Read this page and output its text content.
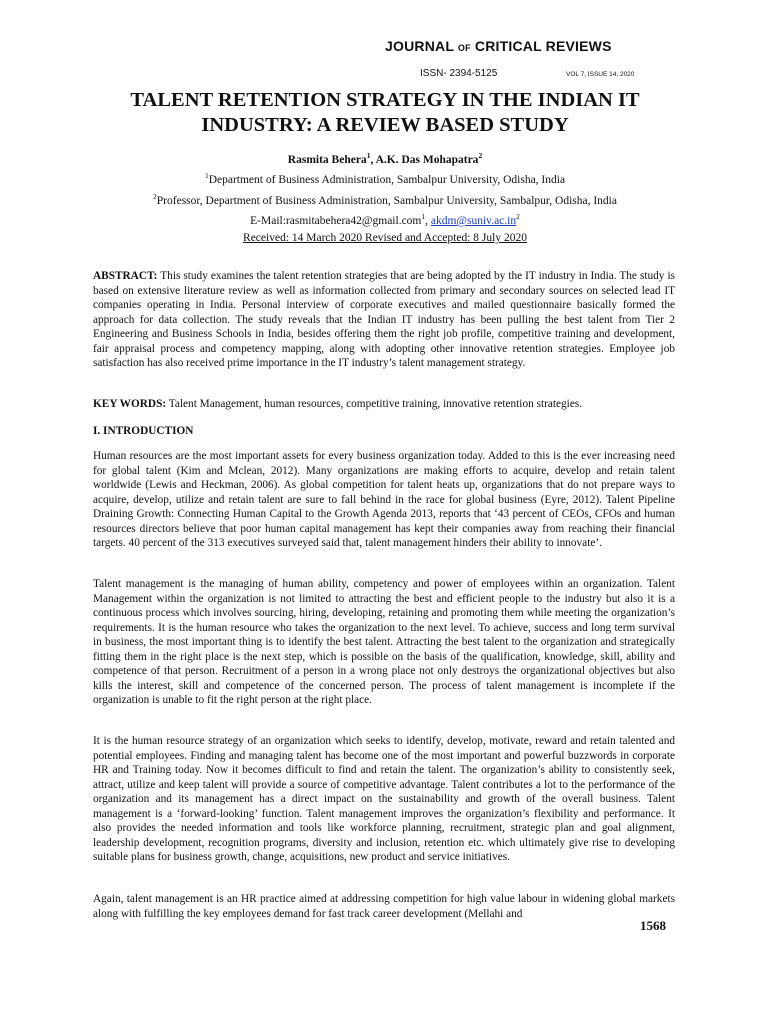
JOURNAL OF CRITICAL REVIEWS
ISSN- 2394-5125	VOL 7, ISSUE 14, 2020
TALENT RETENTION STRATEGY IN THE INDIAN IT INDUSTRY: A REVIEW BASED STUDY
Rasmita Behera$^1$, A.K. Das Mohapatra$^2$
$^1$Department of Business Administration, Sambalpur University, Odisha, India
$^2$Professor, Department of Business Administration, Sambalpur University, Sambalpur, Odisha, India
E-Mail:rasmitabehera42@gmail.com$^1$, $akdm@suniv.ac.in^2$
Received: 14 March 2020 Revised and Accepted: 8 July 2020
ABSTRACT: This study examines the talent retention strategies that are being adopted by the IT industry in India. The study is based on extensive literature review as well as information collected from primary and secondary sources on selected lead IT companies operating in India. Personal interview of corporate executives and mailed questionnaire basically formed the approach for data collection. The study reveals that the Indian IT industry has been pulling the best talent from Tier 2 Engineering and Business Schools in India, besides offering them the right job profile, competitive training and development, fair appraisal process and competency mapping, along with adopting other innovative retention strategies. Employee job satisfaction has also received prime importance in the IT industry’s talent management strategy.
KEY WORDS: Talent Management, human resources, competitive training, innovative retention strategies.
I. INTRODUCTION

Human resources are the most important assets for every business organization today. Added to this is the ever increasing need for global talent (Kim and Mclean, 2012). Many organizations are making efforts to acquire, develop and retain talent worldwide (Lewis and Heckman, 2006). As global competition for talent heats up, organizations that do not prepare ways to acquire, develop, utilize and retain talent are sure to fall behind in the race for global business (Eyre, 2012). Talent Pipeline Draining Growth: Connecting Human Capital to the Growth Agenda 2013, reports that ‘43 percent of CEOs, CFOs and human resources directors believe that poor human capital management has kept their companies away from reaching their financial targets. 40 percent of the 313 executives surveyed said that, talent management hinders their ability to innovate’.

Talent management is the managing of human ability, competency and power of employees within an organization. Talent Management within the organization is not limited to attracting the best and efficient people to the industry but also it is a continuous process which involves sourcing, hiring, developing, retaining and promoting them while meeting the organization’s requirements. It is the human resource who takes the organization to the next level. To achieve, success and long term survival in business, the most important thing is to identify the best talent. Attracting the best talent to the organization and strategically fitting them in the right place is the next step, which is possible on the basis of the qualification, knowledge, skill, ability and competence of that person. Recruitment of a person in a wrong place not only destroys the organizational objectives but also kills the interest, skill and competence of the concerned person. The process of talent management is incomplete if the organization is unable to fit the right person at the right place.

It is the human resource strategy of an organization which seeks to identify, develop, motivate, reward and retain talented and potential employees. Finding and managing talent has become one of the most important and powerful buzzwords in corporate HR and Training today. Now it becomes difficult to find and retain the talent. The organization’s ability to consistently seek, attract, utilize and keep talent will provide a source of competitive advantage. Talent contributes a lot to the performance of the organization and its management has a direct impact on the sustainability and growth of the overall business. Talent management is a ‘forward-looking’ function. Talent management improves the organization’s flexibility and performance. It also provides the needed information and tools like workforce planning, recruitment, strategic plan and goal alignment, leadership development, recognition programs, diversity and inclusion, retention etc. which ultimately give rise to developing suitable plans for business growth, change, acquisitions, new product and service initiatives.

Again, talent management is an HR practice aimed at addressing competition for high value labour in widening global markets along with fulfilling the key employees demand for fast track career development (Mellahi and

1568
